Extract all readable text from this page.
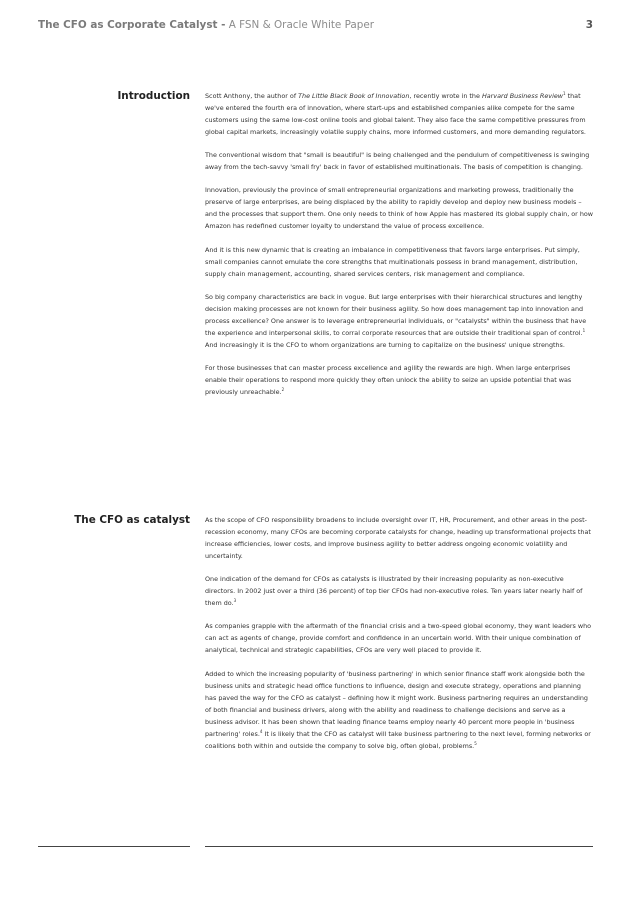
The CFO as Corporate Catalyst - A FSN & Oracle White Paper	3
Introduction Scott Anthony, the author of The Little Black Book of Innovation, recently wrote in the Harvard Business Review$^1$ that we've entered the fourth era of innovation, where start-ups and established companies alike compete for the same customers using the same low-cost online tools and global talent. They also face the same competitive pressures from global capital markets, increasingly volatile supply chains, more informed customers, and more demanding regulators.

The conventional wisdom that "small is beautiful" is being challenged and the pendulum of competitiveness is swinging away from the tech-savvy 'small fry' back in favor of established multinationals. The basis of competition is changing.

Innovation, previously the province of small entrepreneurial organizations and marketing prowess, traditionally the preserve of large enterprises, are being displaced by the ability to rapidly develop and deploy new business models – and the processes that support them. One only needs to think of how Apple has mastered its global supply chain, or how Amazon has redefined customer loyalty to understand the value of process excellence.

And it is this new dynamic that is creating an imbalance in competitiveness that favors large enterprises. Put simply, small companies cannot emulate the core strengths that multinationals possess in brand management, distribution, supply chain management, accounting, shared services centers, risk management and compliance.

So big company characteristics are back in vogue. But large enterprises with their hierarchical structures and lengthy decision making processes are not known for their business agility. So how does management tap into innovation and process excellence? One answer is to leverage entrepreneurial individuals, or "catalysts" within the business that have the experience and interpersonal skills, to corral corporate resources that are outside their traditional span of control.$^1$ And increasingly it is the CFO to whom organizations are turning to capitalize on the business' unique strengths.

For those businesses that can master process excellence and agility the rewards are high. When large enterprises enable their operations to respond more quickly they often unlock the ability to seize an upside potential that was previously unreachable.$^2$

The CFO as catalyst As the scope of CFO responsibility broadens to include oversight over IT, HR, Procurement, and other areas in the post-recession economy, many CFOs are becoming corporate catalysts for change, heading up transformational projects that increase efficiencies, lower costs, and improve business agility to better address ongoing economic volatility and uncertainty.

One indication of the demand for CFOs as catalysts is illustrated by their increasing popularity as non-executive directors. In 2002 just over a third (36 percent) of top tier CFOs had non-executive roles. Ten years later nearly half of them do.$^3$

As companies grapple with the aftermath of the financial crisis and a two-speed global economy, they want leaders who can act as agents of change, provide comfort and confidence in an uncertain world. With their unique combination of analytical, technical and strategic capabilities, CFOs are very well placed to provide it.

Added to which the increasing popularity of 'business partnering' in which senior finance staff work alongside both the business units and strategic head office functions to influence, design and execute strategy, operations and planning has paved the way for the CFO as catalyst – defining how it might work. Business partnering requires an understanding of both financial and business drivers, along with the ability and readiness to challenge decisions and serve as a business advisor. It has been shown that leading finance teams employ nearly 40 percent more people in 'business partnering' roles.$^4$ It is likely that the CFO as catalyst will take business partnering to the next level, forming networks or coalitions both within and outside the company to solve big, often global, problems.$^5$
